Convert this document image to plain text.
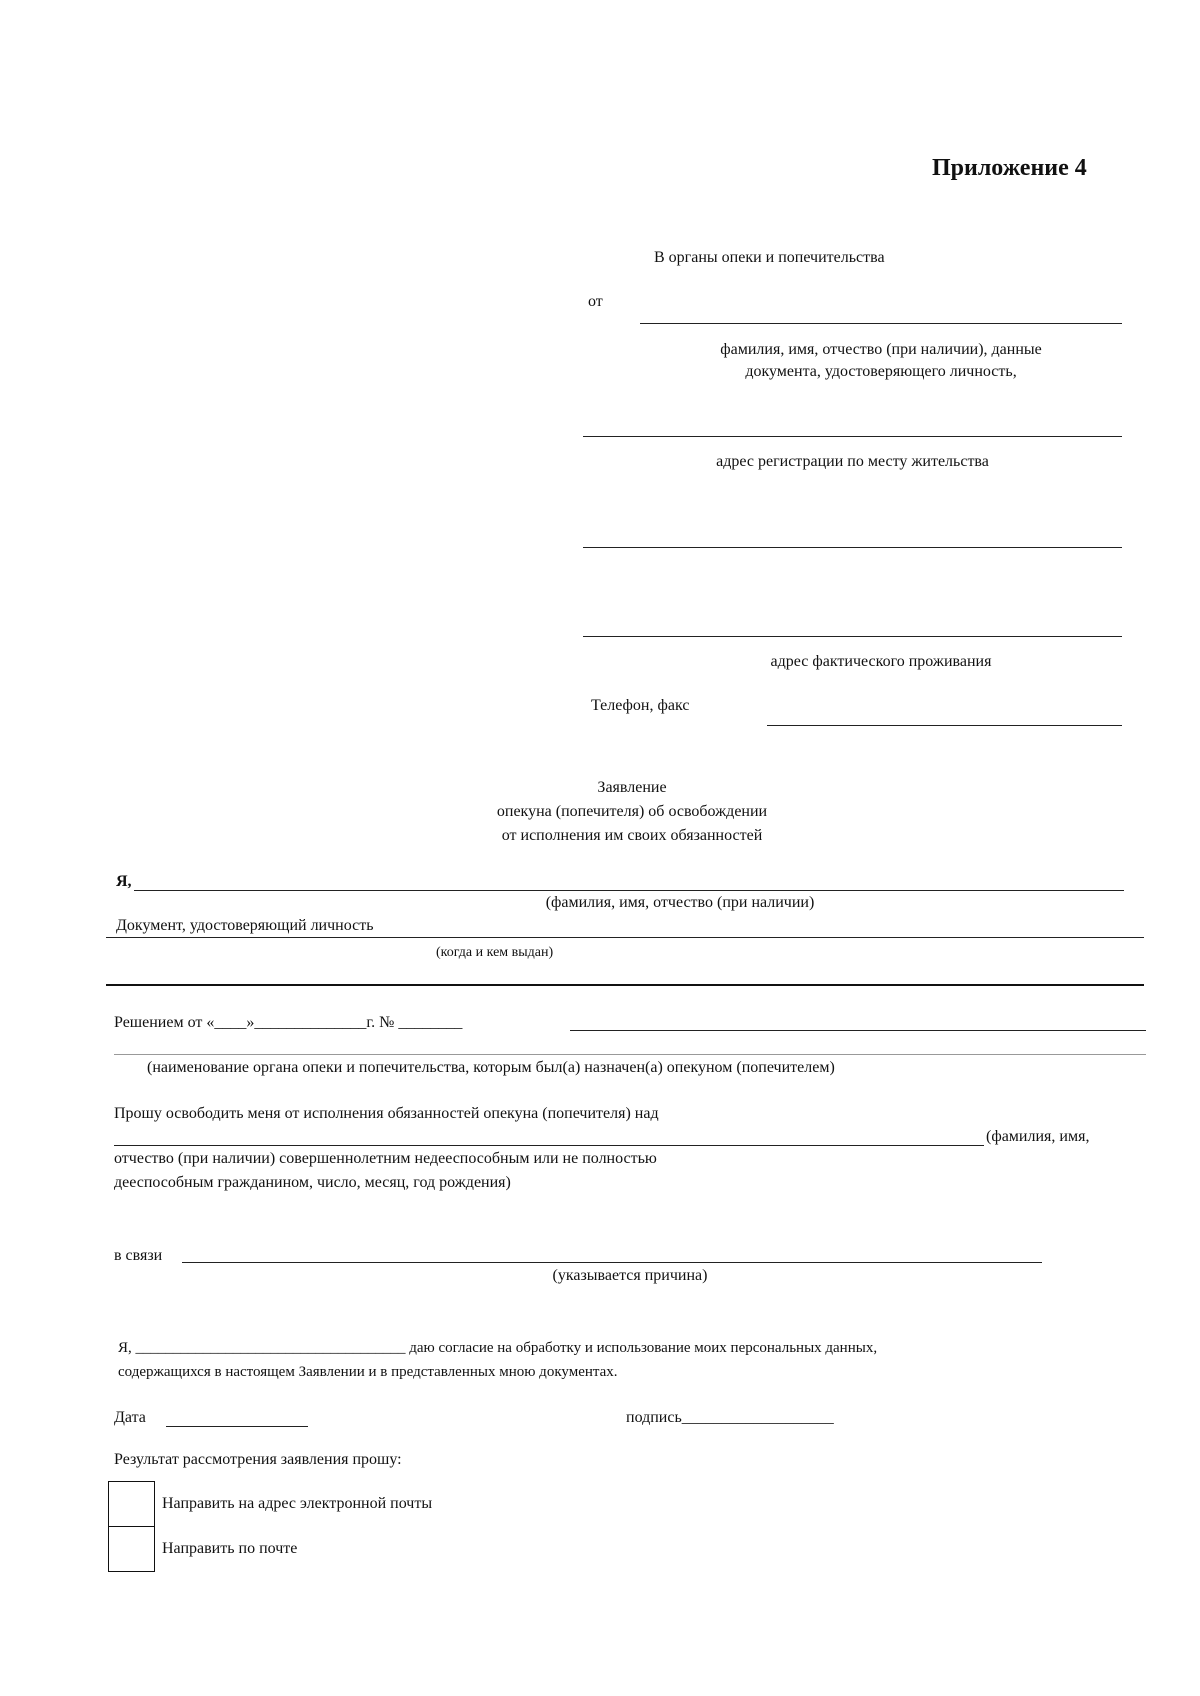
Приложение 4
В органы опеки и попечительства
от
фамилия, имя, отчество (при наличии), данные
документа, удостоверяющего личность,
адрес регистрации по месту жительства
адрес фактического проживания
Телефон, факс
Заявление
опекуна (попечителя) об освобождении
от исполнения им своих обязанностей
Я,
(фамилия, имя, отчество (при наличии)
Документ, удостоверяющий личность
(когда и кем выдан)
Решением от «____»______________г. № ________
(наименование органа опеки и попечительства, которым был(а) назначен(а) опекуном (попечителем)
Прошу освободить меня от исполнения обязанностей опекуна (попечителя) над
(фамилия, имя,
отчество (при наличии) совершеннолетним недееспособным или не полностью
дееспособным гражданином, число, месяц, год рождения)
в связи
(указывается причина)
Я, ____________________________________ даю согласие на обработку и использование моих персональных данных,
содержащихся в настоящем Заявлении и в представленных мною документах.
Дата	подпись___________________
Результат рассмотрения заявления прошу:
Направить на адрес электронной почты
Направить по почте
